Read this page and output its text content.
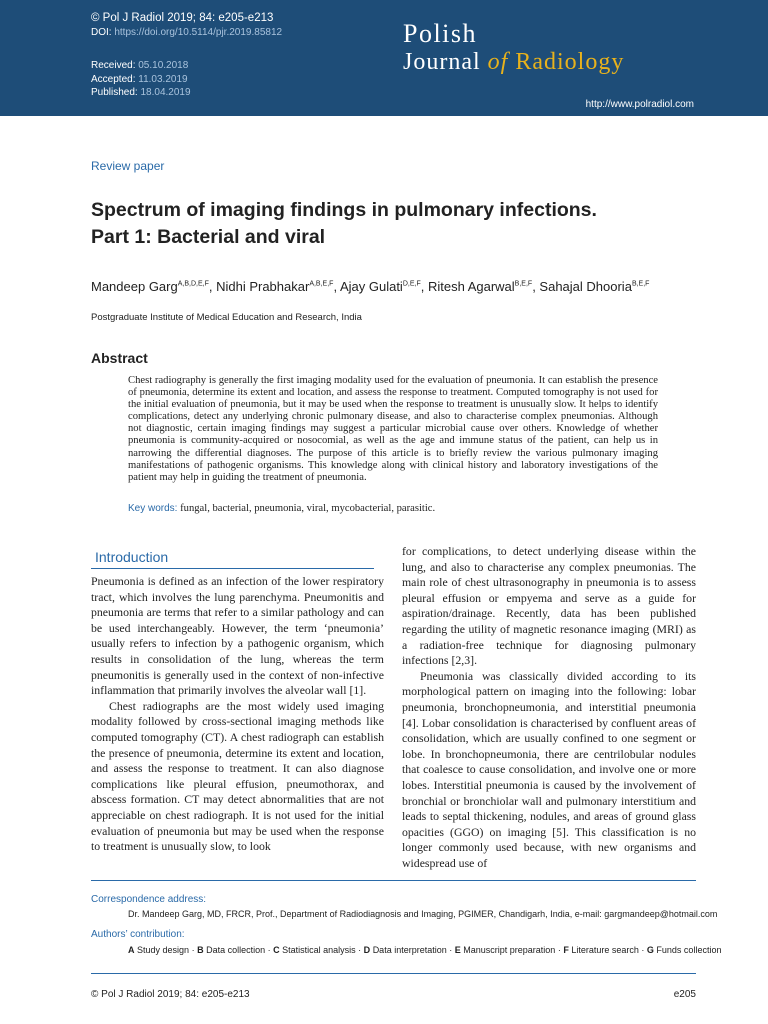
© Pol J Radiol 2019; 84: e205-e213
DOI: https://doi.org/10.5114/pjr.2019.85812
Received: 05.10.2018
Accepted: 11.03.2019
Published: 18.04.2019
Polish
Journal of Radiology
http://www.polradiol.com
Review paper
Spectrum of imaging findings in pulmonary infections.
Part 1: Bacterial and viral
Mandeep Garg$^{A,B,D,E,F}$, Nidhi Prabhakar$^{A,B,E,F}$, Ajay Gulati$^{D,E,F}$, Ritesh Agarwal$^{B,E,F}$, Sahajal Dhooria$^{B,E,F}$
Postgraduate Institute of Medical Education and Research, India
Abstract
Chest radiography is generally the first imaging modality used for the evaluation of pneumonia. It can establish the presence of pneumonia, determine its extent and location, and assess the response to treatment. Computed tomography is not used for the initial evaluation of pneumonia, but it may be used when the response to treatment is unusually slow. It helps to identify complications, detect any underlying chronic pulmonary disease, and also to characterise complex pneumonias. Although not diagnostic, certain imaging findings may suggest a particular microbial cause over others. Knowledge of whether pneumonia is community-acquired or nosocomial, as well as the age and immune status of the patient, can help us in narrowing the differential diagnoses. The purpose of this article is to briefly review the various pulmonary imaging manifestations of pathogenic organisms. This knowledge along with clinical history and laboratory investigations of the patient may help in guiding the treatment of pneumonia.
Key words: fungal, bacterial, pneumonia, viral, mycobacterial, parasitic.
Introduction

Pneumonia is defined as an infection of the lower respiratory tract, which involves the lung parenchyma. Pneumonitis and pneumonia are terms that refer to a similar pathology and can be used interchangeably. However, the term ‘pneumonia’ usually refers to infection by a pathogenic organism, which results in consolidation of the lung, whereas the term pneumonitis is generally used in the context of non-infective inflammation that primarily involves the alveolar wall [1].

Chest radiographs are the most widely used imaging modality followed by cross-sectional imaging methods like computed tomography (CT). A chest radiograph can establish the presence of pneumonia, determine its extent and location, and assess the response to treatment. It can also diagnose complications like pleural effusion, pneumothorax, and abscess formation. CT may detect abnormalities that are not appreciable on chest radiograph. It is not used for the initial evaluation of pneumonia but may be used when the response to treatment is unusually slow, to look

for complications, to detect underlying disease within the lung, and also to characterise any complex pneumonias. The main role of chest ultrasonography in pneumonia is to assess pleural effusion or empyema and serve as a guide for aspiration/drainage. Recently, data has been published regarding the utility of magnetic resonance imaging (MRI) as a radiation-free technique for diagnosing pulmonary infections [2,3].

Pneumonia was classically divided according to its morphological pattern on imaging into the following: lobar pneumonia, bronchopneumonia, and interstitial pneumonia [4]. Lobar consolidation is characterised by confluent areas of consolidation, which are usually confined to one segment or lobe. In bronchopneumonia, there are centrilobular nodules that coalesce to cause consolidation, and involve one or more lobes. Interstitial pneumonia is caused by the involvement of bronchial or bronchiolar wall and pulmonary interstitium and leads to septal thickening, nodules, and areas of ground glass opacities (GGO) on imaging [5]. This classification is no longer commonly used because, with new organisms and widespread use of

Correspondence address:
Dr. Mandeep Garg, MD, FRCR, Prof., Department of Radiodiagnosis and Imaging, PGIMER, Chandigarh, India, e-mail: gargmandeep@hotmail.com
Authors’ contribution:
A Study design · B Data collection · C Statistical analysis · D Data interpretation · E Manuscript preparation · F Literature search · G Funds collection
© Pol J Radiol 2019; 84: e205-e213	e205
